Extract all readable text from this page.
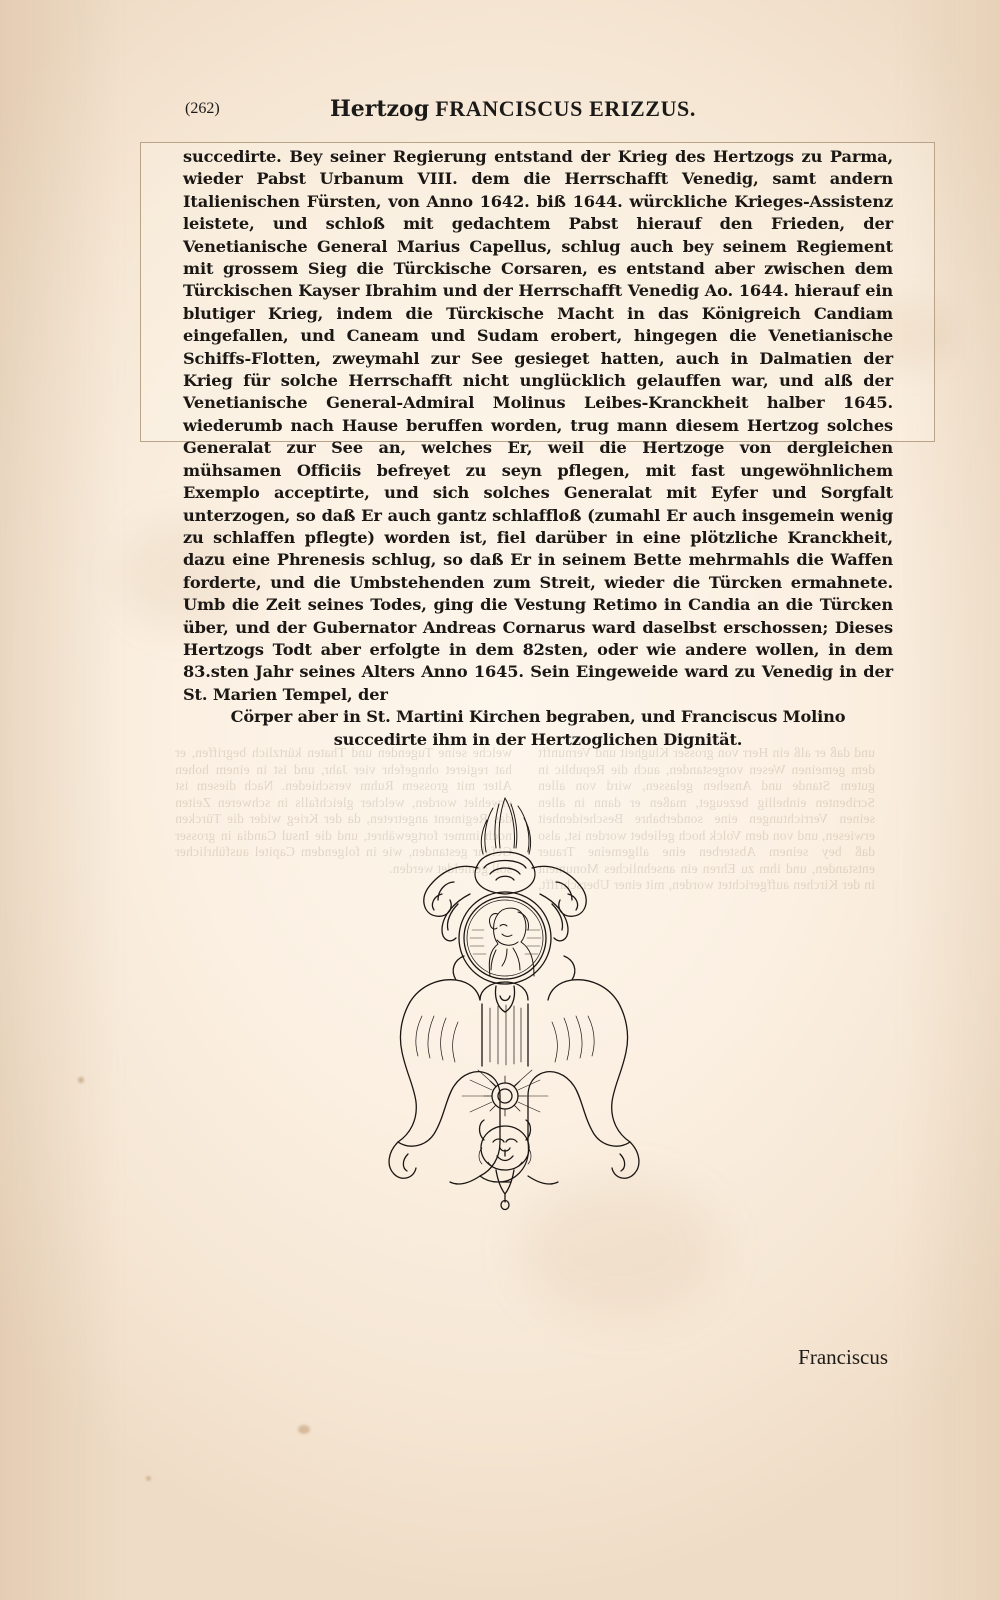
und daß er alß ein Herr von grosser Klugheit und Vernunfft dem gemeinen Wesen vorgestanden, auch die Republic in gutem Stande und Ansehen gelassen, wird von allen Scribenten einhellig bezeuget, maßen er dann in allen seinen Verrichtungen eine sonderbahre Bescheidenheit erwiesen, und von dem Volck hoch geliebet worden ist, also daß bey seinem Absterben eine allgemeine Trauer entstanden, und ihm zu Ehren ein ansehnliches Monument in der Kirchen auffgerichtet worden, mit einer Uberschrifft, welche seine Tugenden und Thaten kürtzlich begriffen, er hat regieret ohngefehr vier Jahr, und ist in einem hohen Alter mit grossem Ruhm verschieden. Nach diesem ist erwehlet worden, welcher gleichfalls in schweren Zeiten das Regiment angetreten, da der Krieg wider die Türcken noch immer fortgewähret, und die Insul Candia in grosser Gefahr gestanden, wie in folgendem Capitel ausführlicher soll gemeldet werden.
(262)	Hertzog FRANCISCUS ERIZZUS.

succedirte. Bey seiner Regierung entstand der Krieg des Hertzogs zu Parma, wieder Pabst Urbanum VIII. dem die Herrschafft Venedig, samt andern Italienischen Fürsten, von Anno 1642. biß 1644. würckliche Krieges-Assistenz leistete, und schloß mit gedachtem Pabst hierauf den Frieden, der Venetianische General Marius Capellus, schlug auch bey seinem Regiement mit grossem Sieg die Türckische Corsaren, es entstand aber zwischen dem Türckischen Kayser Ibrahim und der Herrschafft Venedig Ao. 1644. hierauf ein blutiger Krieg, indem die Türckische Macht in das Königreich Candiam eingefallen, und Caneam und Sudam erobert, hingegen die Venetianische Schiffs-Flotten, zweymahl zur See gesieget hatten, auch in Dalmatien der Krieg für solche Herrschafft nicht unglücklich gelauffen war, und alß der Venetianische General-Admiral Molinus Leibes-Kranckheit halber 1645. wiederumb nach Hause beruffen worden, trug mann diesem Hertzog solches Generalat zur See an, welches Er, weil die Hertzoge von dergleichen mühsamen Officiis befreyet zu seyn pflegen, mit fast ungewöhnlichem Exemplo acceptirte, und sich solches Generalat mit Eyfer und Sorgfalt unterzogen, so daß Er auch gantz schlaffloß (zumahl Er auch insgemein wenig zu schlaffen pflegte) worden ist, fiel darüber in eine plötzliche Kranckheit, dazu eine Phrenesis schlug, so daß Er in seinem Bette mehrmahls die Waffen forderte, und die Umbstehenden zum Streit, wieder die Türcken ermahnete. Umb die Zeit seines Todes, ging die Vestung Retimo in Candia an die Türcken über, und der Gubernator Andreas Cornarus ward daselbst erschossen; Dieses Hertzogs Todt aber erfolgte in dem 82sten, oder wie andere wollen, in dem 83.sten Jahr seines Alters Anno 1645. Sein Eingeweide ward zu Venedig in der St. Marien Tempel, der

Cörper aber in St. Martini Kirchen begraben, und Franciscus Molino

succedirte ihm in der Hertzoglichen Dignität.

Franciscus
